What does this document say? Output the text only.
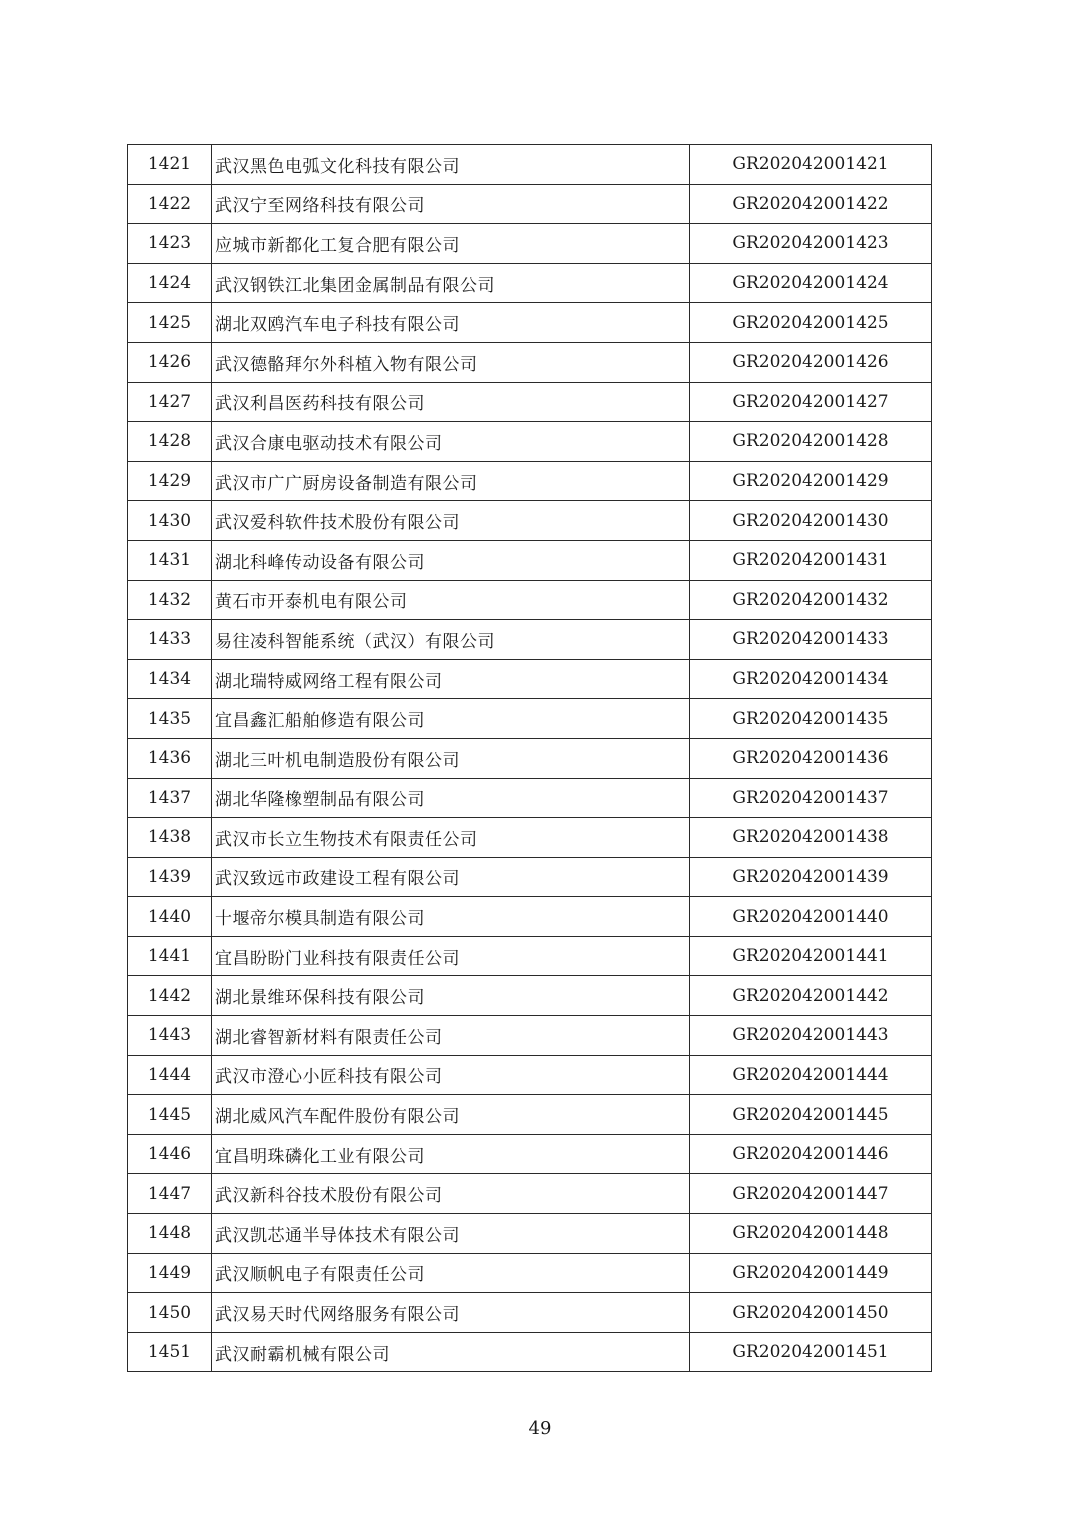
1421	武汉黑色电弧文化科技有限公司	GR202042001421
1422	武汉宁至网络科技有限公司	GR202042001422
1423	应城市新都化工复合肥有限公司	GR202042001423
1424	武汉钢铁江北集团金属制品有限公司	GR202042001424
1425	湖北双鸥汽车电子科技有限公司	GR202042001425
1426	武汉德骼拜尔外科植入物有限公司	GR202042001426
1427	武汉利昌医药科技有限公司	GR202042001427
1428	武汉合康电驱动技术有限公司	GR202042001428
1429	武汉市广广厨房设备制造有限公司	GR202042001429
1430	武汉爱科软件技术股份有限公司	GR202042001430
1431	湖北科峰传动设备有限公司	GR202042001431
1432	黄石市开泰机电有限公司	GR202042001432
1433	易往凌科智能系统（武汉）有限公司	GR202042001433
1434	湖北瑞特威网络工程有限公司	GR202042001434
1435	宜昌鑫汇船舶修造有限公司	GR202042001435
1436	湖北三叶机电制造股份有限公司	GR202042001436
1437	湖北华隆橡塑制品有限公司	GR202042001437
1438	武汉市长立生物技术有限责任公司	GR202042001438
1439	武汉致远市政建设工程有限公司	GR202042001439
1440	十堰帝尔模具制造有限公司	GR202042001440
1441	宜昌盼盼门业科技有限责任公司	GR202042001441
1442	湖北景维环保科技有限公司	GR202042001442
1443	湖北睿智新材料有限责任公司	GR202042001443
1444	武汉市澄心小匠科技有限公司	GR202042001444
1445	湖北威风汽车配件股份有限公司	GR202042001445
1446	宜昌明珠磷化工业有限公司	GR202042001446
1447	武汉新科谷技术股份有限公司	GR202042001447
1448	武汉凯芯通半导体技术有限公司	GR202042001448
1449	武汉顺帆电子有限责任公司	GR202042001449
1450	武汉易天时代网络服务有限公司	GR202042001450
1451	武汉耐霸机械有限公司	GR202042001451
49
